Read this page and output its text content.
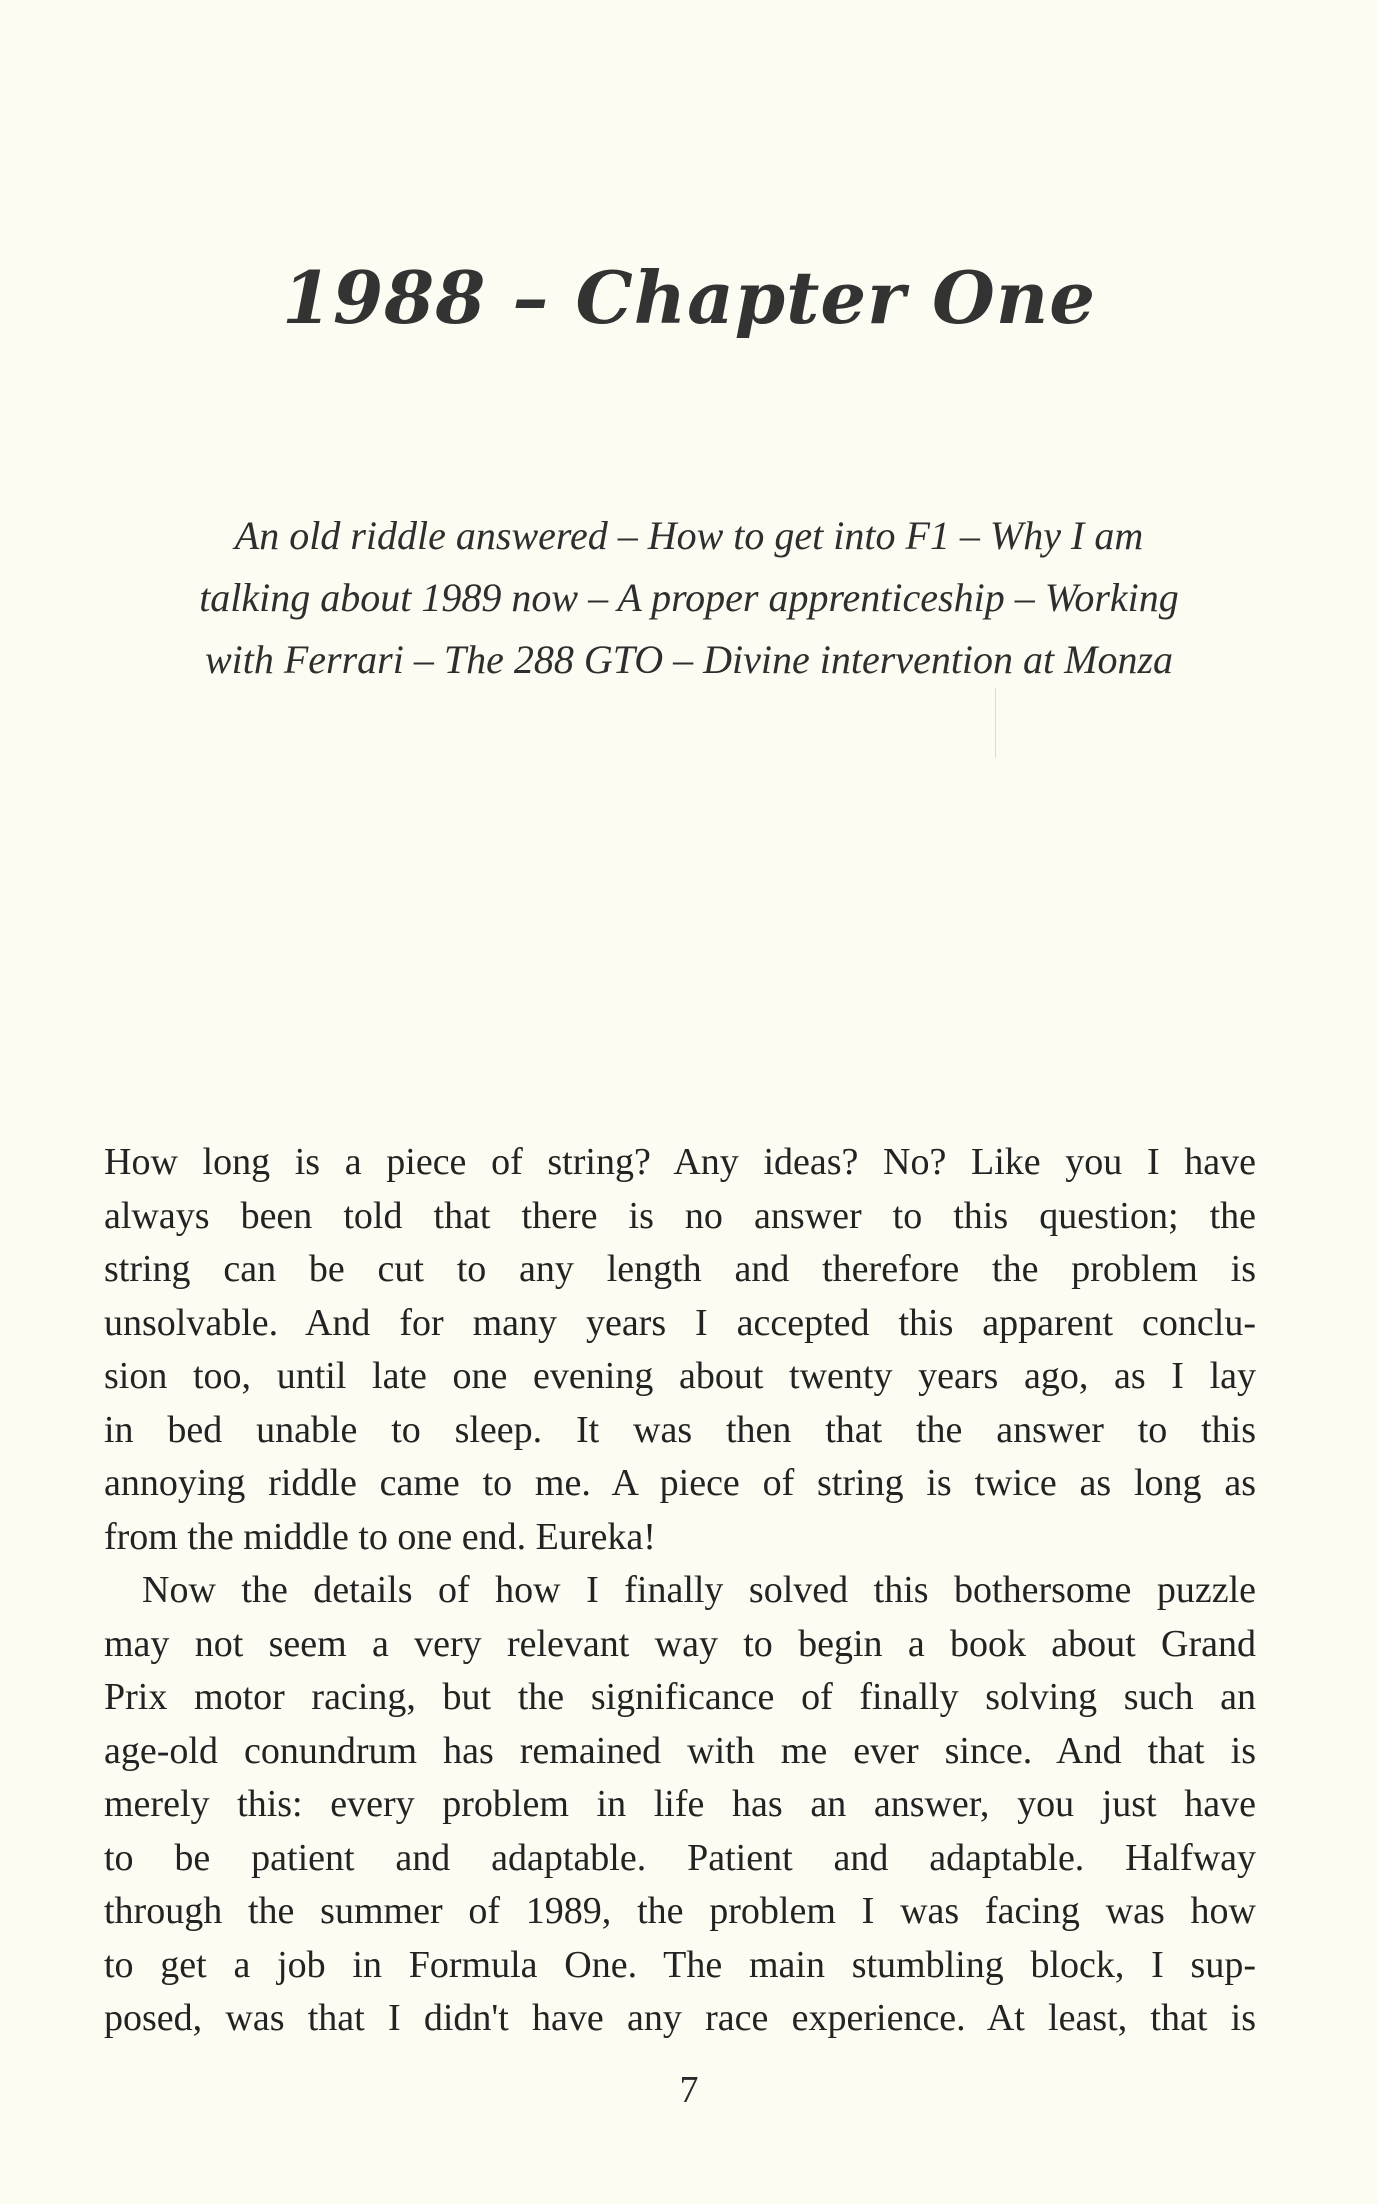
1988 – Chapter One
An old riddle answered – How to get into F1 – Why I am
talking about 1989 now – A proper apprenticeship – Working
with Ferrari – The 288 GTO – Divine intervention at Monza
How long is a piece of string? Any ideas? No? Like you I have
always been told that there is no answer to this question; the
string can be cut to any length and therefore the problem is
unsolvable. And for many years I accepted this apparent conclu-
sion too, until late one evening about twenty years ago, as I lay
in bed unable to sleep. It was then that the answer to this
annoying riddle came to me. A piece of string is twice as long as
from the middle to one end. Eureka!
Now the details of how I finally solved this bothersome puzzle
may not seem a very relevant way to begin a book about Grand
Prix motor racing, but the significance of finally solving such an
age-old conundrum has remained with me ever since. And that is
merely this: every problem in life has an answer, you just have
to be patient and adaptable. Patient and adaptable. Halfway
through the summer of 1989, the problem I was facing was how
to get a job in Formula One. The main stumbling block, I sup-
posed, was that I didn't have any race experience. At least, that is
7
